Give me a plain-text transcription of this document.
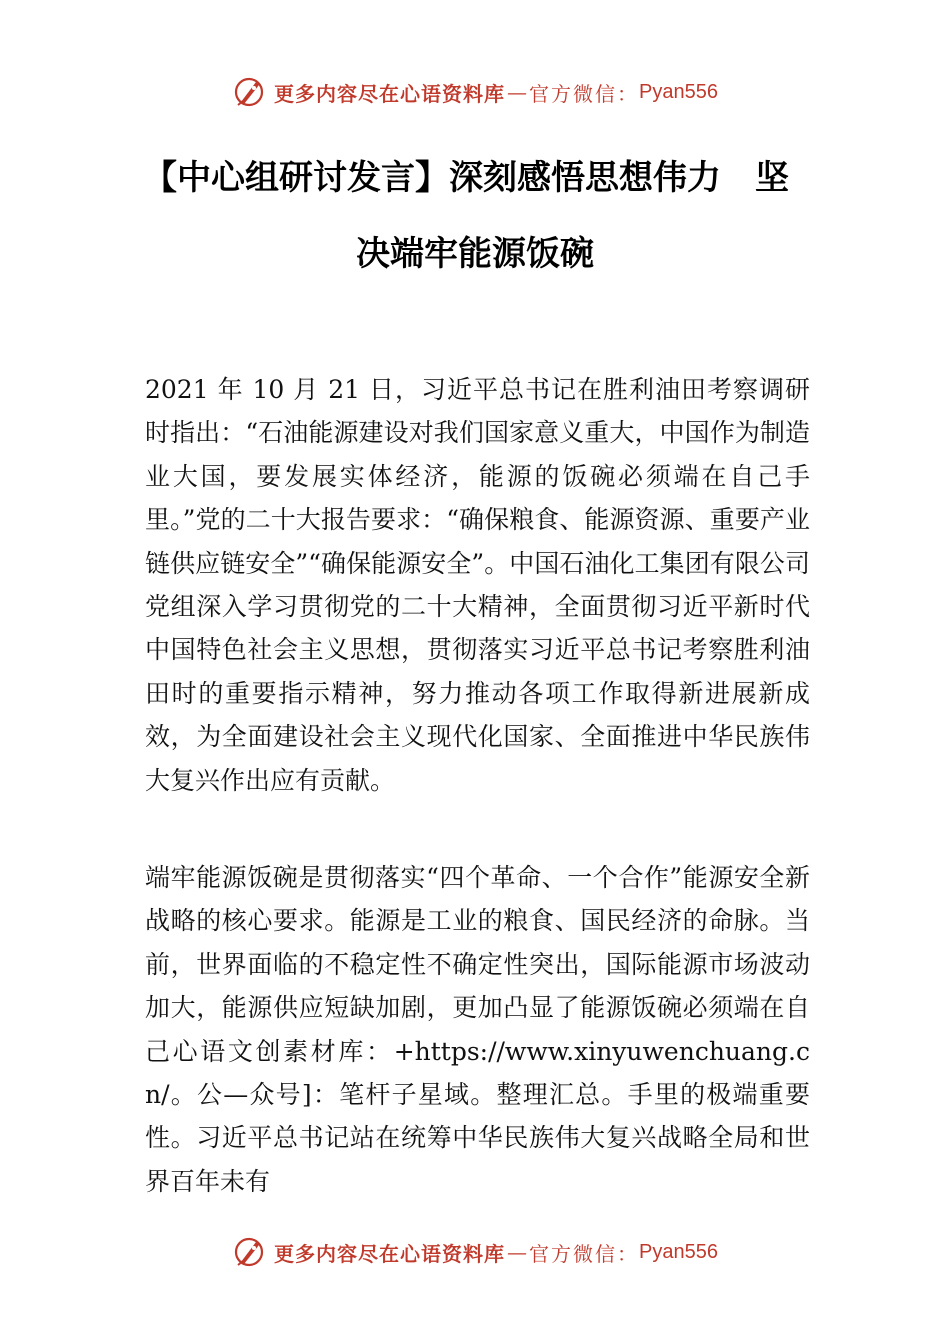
更多内容尽在心语资料库 — 官方微信： Pyan556
【中心组研讨发言】深刻感悟思想伟力　坚
决端牢能源饭碗
2021 年 10 月 21 日，习近平总书记在胜利油田考察调研时指出：“石油能源建设对我们国家意义重大，中国作为制造业大国，要发展实体经济，能源的饭碗必须端在自己手里。”党的二十大报告要求：“确保粮食、能源资源、重要产业链供应链安全”“确保能源安全”。中国石油化工集团有限公司党组深入学习贯彻党的二十大精神，全面贯彻习近平新时代中国特色社会主义思想，贯彻落实习近平总书记考察胜利油田时的重要指示精神，努力推动各项工作取得新进展新成效，为全面建设社会主义现代化国家、全面推进中华民族伟大复兴作出应有贡献。
端牢能源饭碗是贯彻落实“四个革命、一个合作”能源安全新战略的核心要求。能源是工业的粮食、国民经济的命脉。当前，世界面临的不稳定性不确定性突出，国际能源市场波动加大，能源供应短缺加剧，更加凸显了能源饭碗必须端在自己心语文创素材库：+https://www.xinyuwenchuang.cn/。公—众号]：笔杆子星域。整理汇总。手里的极端重要性。习近平总书记站在统筹中华民族伟大复兴战略全局和世界百年未有
更多内容尽在心语资料库 — 官方微信： Pyan556
